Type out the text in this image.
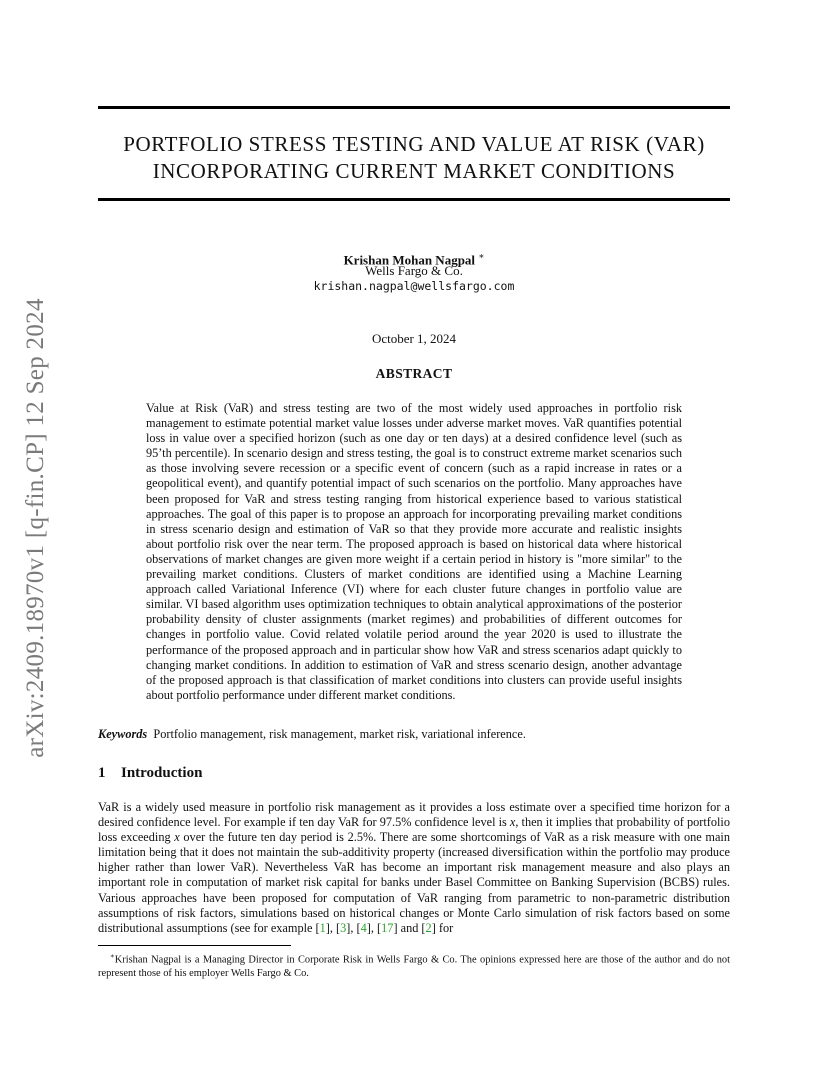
arXiv:2409.18970v1 [q-fin.CP] 12 Sep 2024
PORTFOLIO STRESS TESTING AND VALUE AT RISK (VAR)
INCORPORATING CURRENT MARKET CONDITIONS
Krishan Mohan Nagpal ∗
Wells Fargo & Co.
krishan.nagpal@wellsfargo.com
October 1, 2024
ABSTRACT

Value at Risk (VaR) and stress testing are two of the most widely used approaches in portfolio risk management to estimate potential market value losses under adverse market moves. VaR quantifies potential loss in value over a specified horizon (such as one day or ten days) at a desired confidence level (such as 95’th percentile). In scenario design and stress testing, the goal is to construct extreme market scenarios such as those involving severe recession or a specific event of concern (such as a rapid increase in rates or a geopolitical event), and quantify potential impact of such scenarios on the portfolio. Many approaches have been proposed for VaR and stress testing ranging from historical experience based to various statistical approaches. The goal of this paper is to propose an approach for incorporating prevailing market conditions in stress scenario design and estimation of VaR so that they provide more accurate and realistic insights about portfolio risk over the near term. The proposed approach is based on historical data where historical observations of market changes are given more weight if a certain period in history is "more similar" to the prevailing market conditions. Clusters of market conditions are identified using a Machine Learning approach called Variational Inference (VI) where for each cluster future changes in portfolio value are similar. VI based algorithm uses optimization techniques to obtain analytical approximations of the posterior probability density of cluster assignments (market regimes) and probabilities of different outcomes for changes in portfolio value. Covid related volatile period around the year 2020 is used to illustrate the performance of the proposed approach and in particular show how VaR and stress scenarios adapt quickly to changing market conditions. In addition to estimation of VaR and stress scenario design, another advantage of the proposed approach is that classification of market conditions into clusters can provide useful insights about portfolio performance under different market conditions.

Keywords Portfolio management, risk management, market risk, variational inference.

1 Introduction

VaR is a widely used measure in portfolio risk management as it provides a loss estimate over a specified time horizon for a desired confidence level. For example if ten day VaR for 97.5% confidence level is x, then it implies that probability of portfolio loss exceeding x over the future ten day period is 2.5%. There are some shortcomings of VaR as a risk measure with one main limitation being that it does not maintain the sub-additivity property (increased diversification within the portfolio may produce higher rather than lower VaR). Nevertheless VaR has become an important risk management measure and also plays an important role in computation of market risk capital for banks under Basel Committee on Banking Supervision (BCBS) rules. Various approaches have been proposed for computation of VaR ranging from parametric to non-parametric distribution assumptions of risk factors, simulations based on historical changes or Monte Carlo simulation of risk factors based on some distributional assumptions (see for example [1], [3], [4], [17] and [2] for

∗Krishan Nagpal is a Managing Director in Corporate Risk in Wells Fargo & Co. The opinions expressed here are those of the author and do not represent those of his employer Wells Fargo & Co.
